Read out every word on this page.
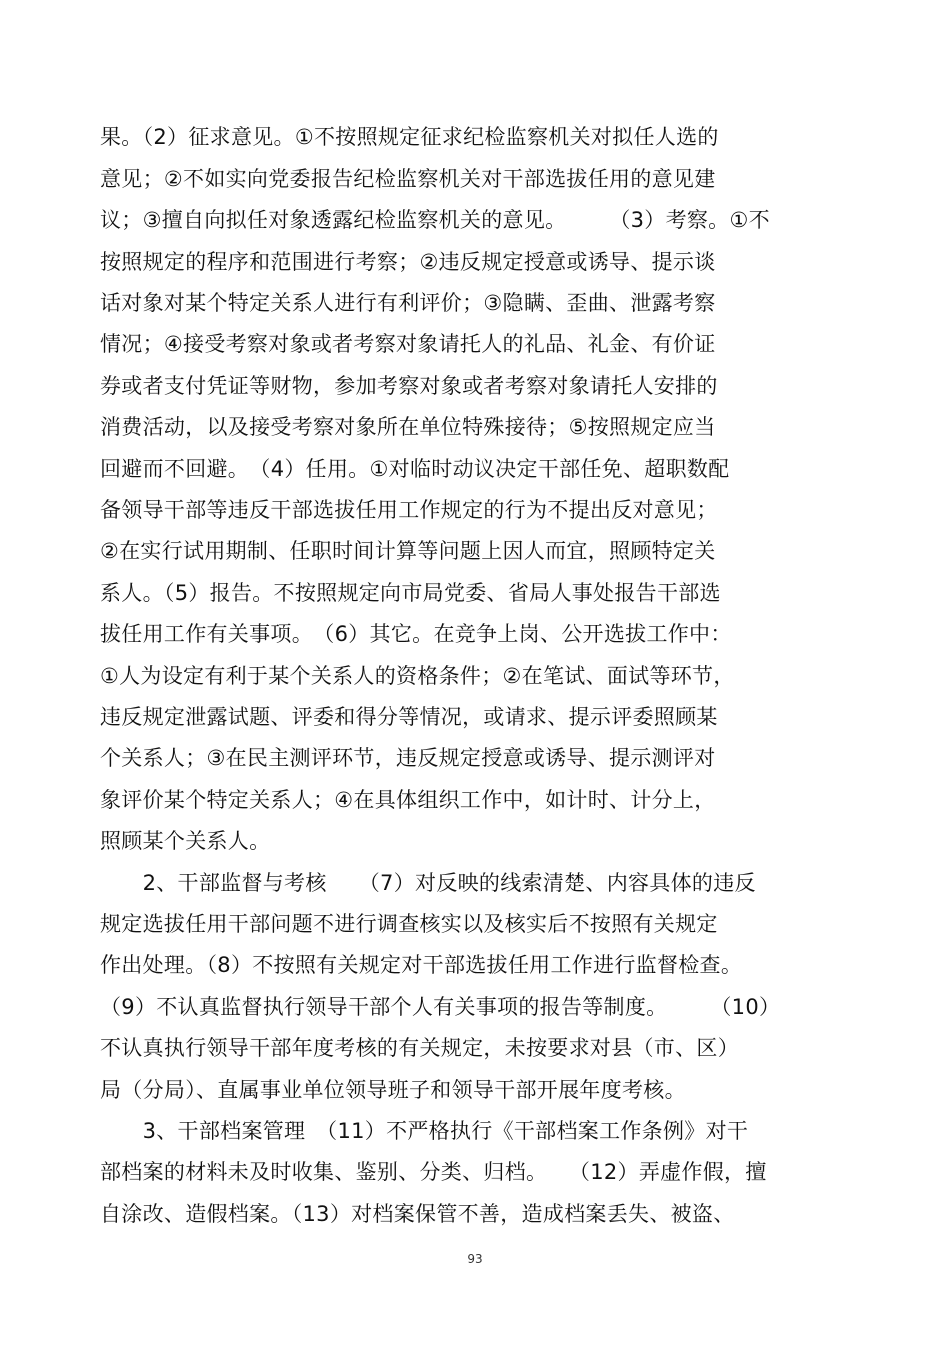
果。（2）征求意见。①不按照规定征求纪检监察机关对拟任人选的
意见；②不如实向党委报告纪检监察机关对干部选拔任用的意见建
议；③擅自向拟任对象透露纪检监察机关的意见。　　　（3）考察。①不
按照规定的程序和范围进行考察；②违反规定授意或诱导、提示谈
话对象对某个特定关系人进行有利评价；③隐瞒、歪曲、泄露考察
情况；④接受考察对象或者考察对象请托人的礼品、礼金、有价证
券或者支付凭证等财物，参加考察对象或者考察对象请托人安排的
消费活动，以及接受考察对象所在单位特殊接待；⑤按照规定应当
回避而不回避。　（4）任用。①对临时动议决定干部任免、超职数配
备领导干部等违反干部选拔任用工作规定的行为不提出反对意见；
②在实行试用期制、任职时间计算等问题上因人而宜，照顾特定关
系人。（5）报告。不按照规定向市局党委、省局人事处报告干部选
拔任用工作有关事项。　（6）其它。在竞争上岗、公开选拔工作中：
①人为设定有利于某个关系人的资格条件；②在笔试、面试等环节，
违反规定泄露试题、评委和得分等情况，或请求、提示评委照顾某
个关系人；③在民主测评环节，违反规定授意或诱导、提示测评对
象评价某个特定关系人；④在具体组织工作中，如计时、计分上，
照顾某个关系人。
　　2、干部监督与考核　　（7）对反映的线索清楚、内容具体的违反
规定选拔任用干部问题不进行调查核实以及核实后不按照有关规定
作出处理。（8）不按照有关规定对干部选拔任用工作进行监督检查。
（9）不认真监督执行领导干部个人有关事项的报告等制度。　　　（10）
不认真执行领导干部年度考核的有关规定，未按要求对县（市、区）
局（分局）、直属事业单位领导班子和领导干部开展年度考核。
　　3、干部档案管理　（11）不严格执行《干部档案工作条例》对干
部档案的材料未及时收集、鉴别、分类、归档。　　（12）弄虚作假，擅
自涂改、造假档案。（13）对档案保管不善，造成档案丢失、被盗、
93
